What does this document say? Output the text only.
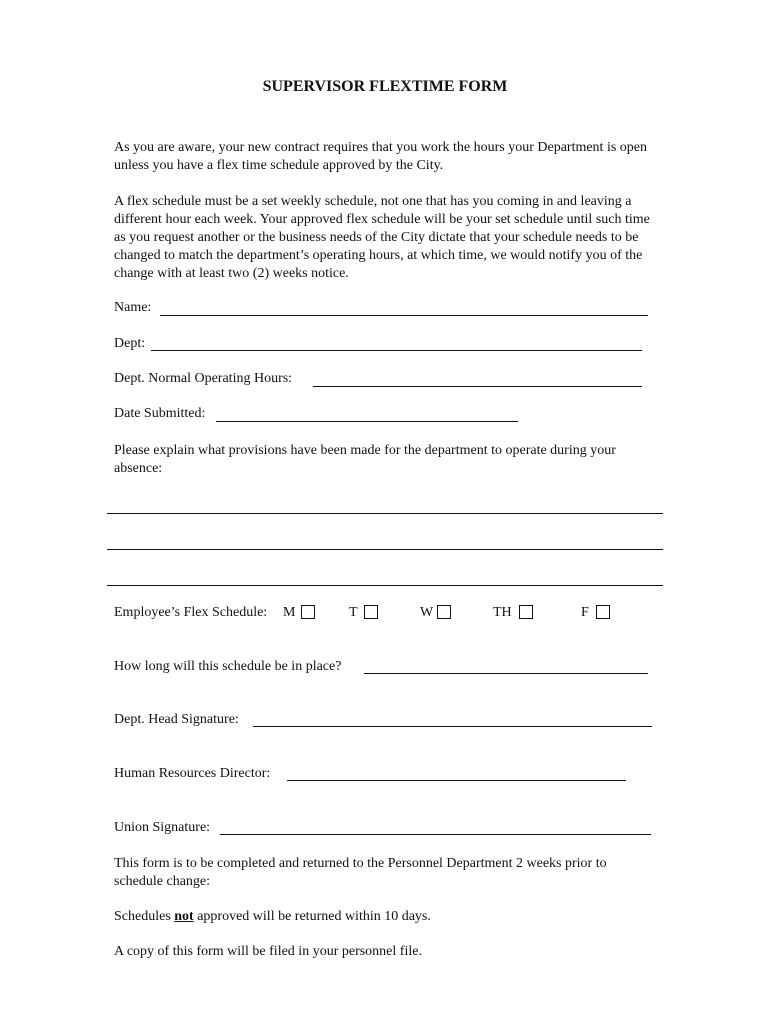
SUPERVISOR FLEXTIME FORM
As you are aware, your new contract requires that you work the hours your Department is open unless you have a flex time schedule approved by the City.
A flex schedule must be a set weekly schedule, not one that has you coming in and leaving a different hour each week. Your approved flex schedule will be your set schedule until such time as you request another or the business needs of the City dictate that your schedule needs to be changed to match the department’s operating hours, at which time, we would notify you of the change with at least two (2) weeks notice.
Name:
Dept:
Dept. Normal Operating Hours:
Date Submitted:
Please explain what provisions have been made for the department to operate during your absence:
Employee’s Flex Schedule: M	T	W	TH	F
How long will this schedule be in place?
Dept. Head Signature:
Human Resources Director:
Union Signature:
This form is to be completed and returned to the Personnel Department 2 weeks prior to schedule change:
Schedules not approved will be returned within 10 days.
A copy of this form will be filed in your personnel file.
